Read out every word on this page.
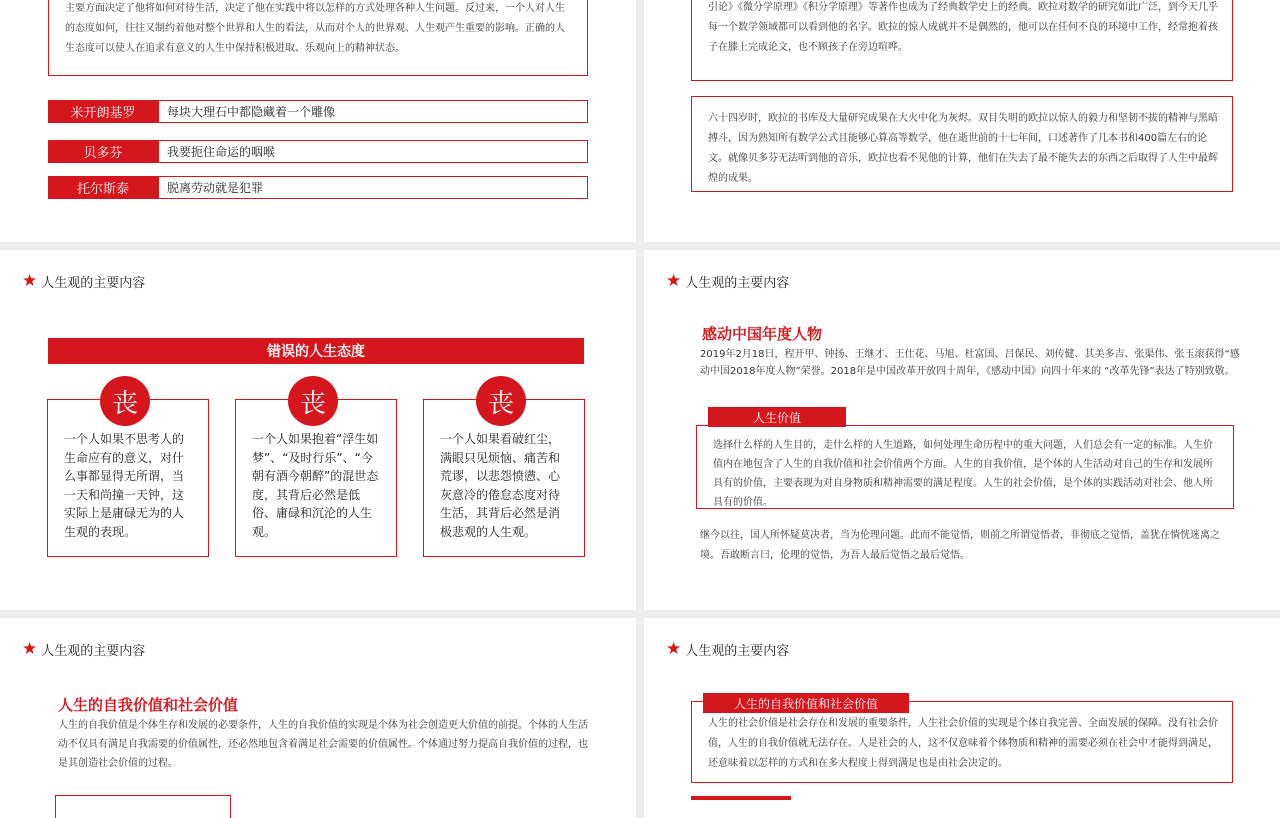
主要方面决定了他将如何对待生活，决定了他在实践中将以怎样的方式处理各种人生问题。反过来，一个人对人生的态度如何，往往又制约着他对整个世界和人生的看法，从而对个人的世界观、人生观产生重要的影响。正确的人生态度可以使人在追求有意义的人生中保持积极进取、乐观向上的精神状态。
米开朗基罗	每块大理石中都隐藏着一个雕像
贝多芬	我要扼住命运的咽喉
托尔斯泰	脱离劳动就是犯罪
引论》《微分学原理》《积分学原理》等著作也成为了经典数学史上的经典。欧拉对数学的研究如此广泛，到今天几乎每一个数学领域都可以看到他的名字。欧拉的惊人成就并不是偶然的，他可以在任何不良的环境中工作，经常抱着孩子在膝上完成论文，也不顾孩子在旁边喧哗。
六十四岁时，欧拉的书库及大量研究成果在大火中化为灰烬。双目失明的欧拉以惊人的毅力和坚韧不拔的精神与黑暗搏斗，因为熟知所有数学公式且能够心算高等数学，他在逝世前的十七年间，口述著作了几本书和400篇左右的论文。就像贝多芬无法听到他的音乐，欧拉也看不见他的计算，他们在失去了最不能失去的东西之后取得了人生中最辉煌的成果。
★ 人生观的主要内容
错误的人生态度
一个人如果不思考人的生命应有的意义，对什么事都显得无所谓，当一天和尚撞一天钟，这实际上是庸碌无为的人生观的表现。
丧
一个人如果抱着“浮生如梦”、“及时行乐”、“今朝有酒今朝醉”的混世态度，其背后必然是低俗、庸碌和沉沦的人生观。
丧
一个人如果看破红尘，满眼只见烦恼、痛苦和荒谬，以悲怨愤懑、心灰意冷的倦怠态度对待生活，其背后必然是消极悲观的人生观。
丧
★ 人生观的主要内容
感动中国年度人物
2019年2月18日，程开甲、钟扬、王继才、王仕花、马旭、杜富国、吕保民、刘传健、其美多吉、张渠伟、张玉滚获得“感动中国2018年度人物”荣誉。2018年是中国改革开放四十周年，《感动中国》向四十年来的 “改革先锋”表达了特别致敬。
选择什么样的人生目的，走什么样的人生道路，如何处理生命历程中的重大问题，人们总会有一定的标准。人生价值内在地包含了人生的自我价值和社会价值两个方面。人生的自我价值，是个体的人生活动对自己的生存和发展所具有的价值，主要表现为对自身物质和精神需要的满足程度。人生的社会价值，是个体的实践活动对社会、他人所具有的价值。
人生价值
继今以往，国人所怀疑莫决者，当为伦理问题。此而不能觉悟，则前之所谓觉悟者，非彻底之觉悟，盖犹在惝恍迷离之境。吾敢断言曰，伦理的觉悟，为吾人最后觉悟之最后觉悟。
★ 人生观的主要内容
人生的自我价值和社会价值
人生的自我价值是个体生存和发展的必要条件，人生的自我价值的实现是个体为社会创造更大价值的前提。个体的人生活动不仅具有满足自我需要的价值属性，还必然地包含着满足社会需要的价值属性。个体通过努力提高自我价值的过程，也是其创造社会价值的过程。
★ 人生观的主要内容
人生的社会价值是社会存在和发展的重要条件，人生社会价值的实现是个体自我完善、全面发展的保障。没有社会价值，人生的自我价值就无法存在。人是社会的人，这不仅意味着个体物质和精神的需要必须在社会中才能得到满足，还意味着以怎样的方式和在多大程度上得到满足也是由社会决定的。
人生的自我价值和社会价值
